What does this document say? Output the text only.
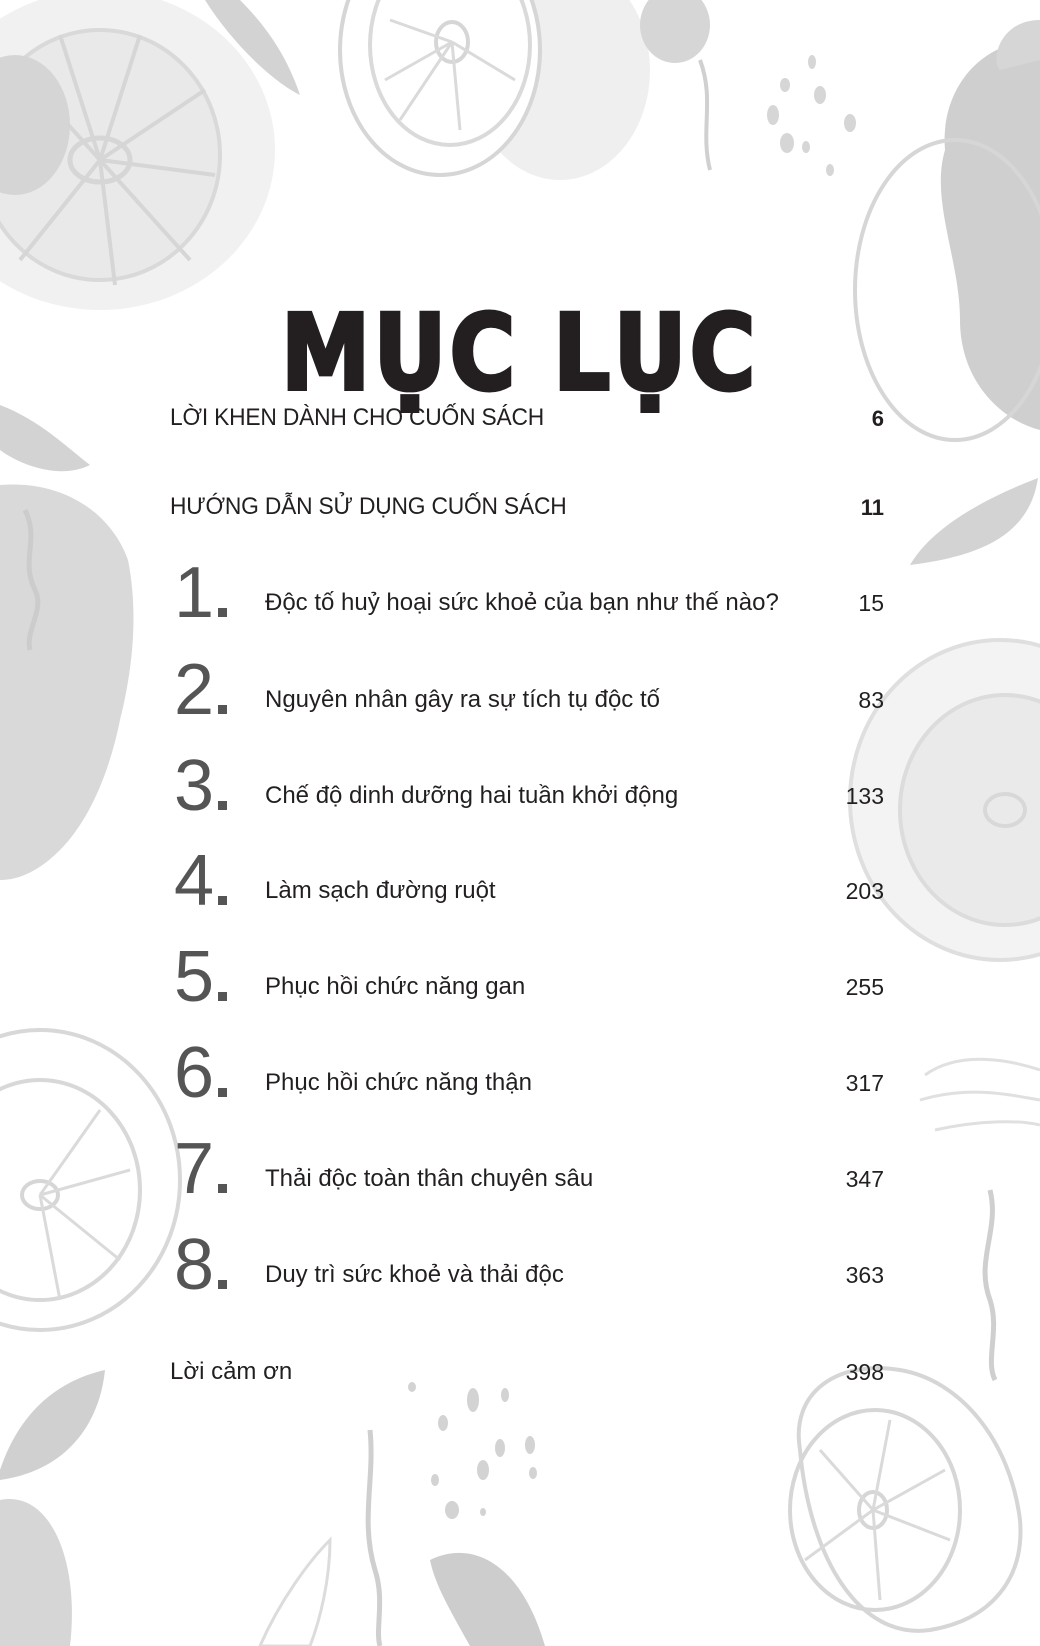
MỤC LỤC
LỜI KHEN DÀNH CHO CUỐN SÁCH	6
HƯỚNG DẪN SỬ DỤNG CUỐN SÁCH	11
1	Độc tố huỷ hoại sức khoẻ của bạn như thế nào?	15
2	Nguyên nhân gây ra sự tích tụ độc tố	83
3	Chế độ dinh dưỡng hai tuần khởi động	133
4	Làm sạch đường ruột	203
5	Phục hồi chức năng gan	255
6	Phục hồi chức năng thận	317
7	Thải độc toàn thân chuyên sâu	347
8	Duy trì sức khoẻ và thải độc	363
Lời cảm ơn	398
